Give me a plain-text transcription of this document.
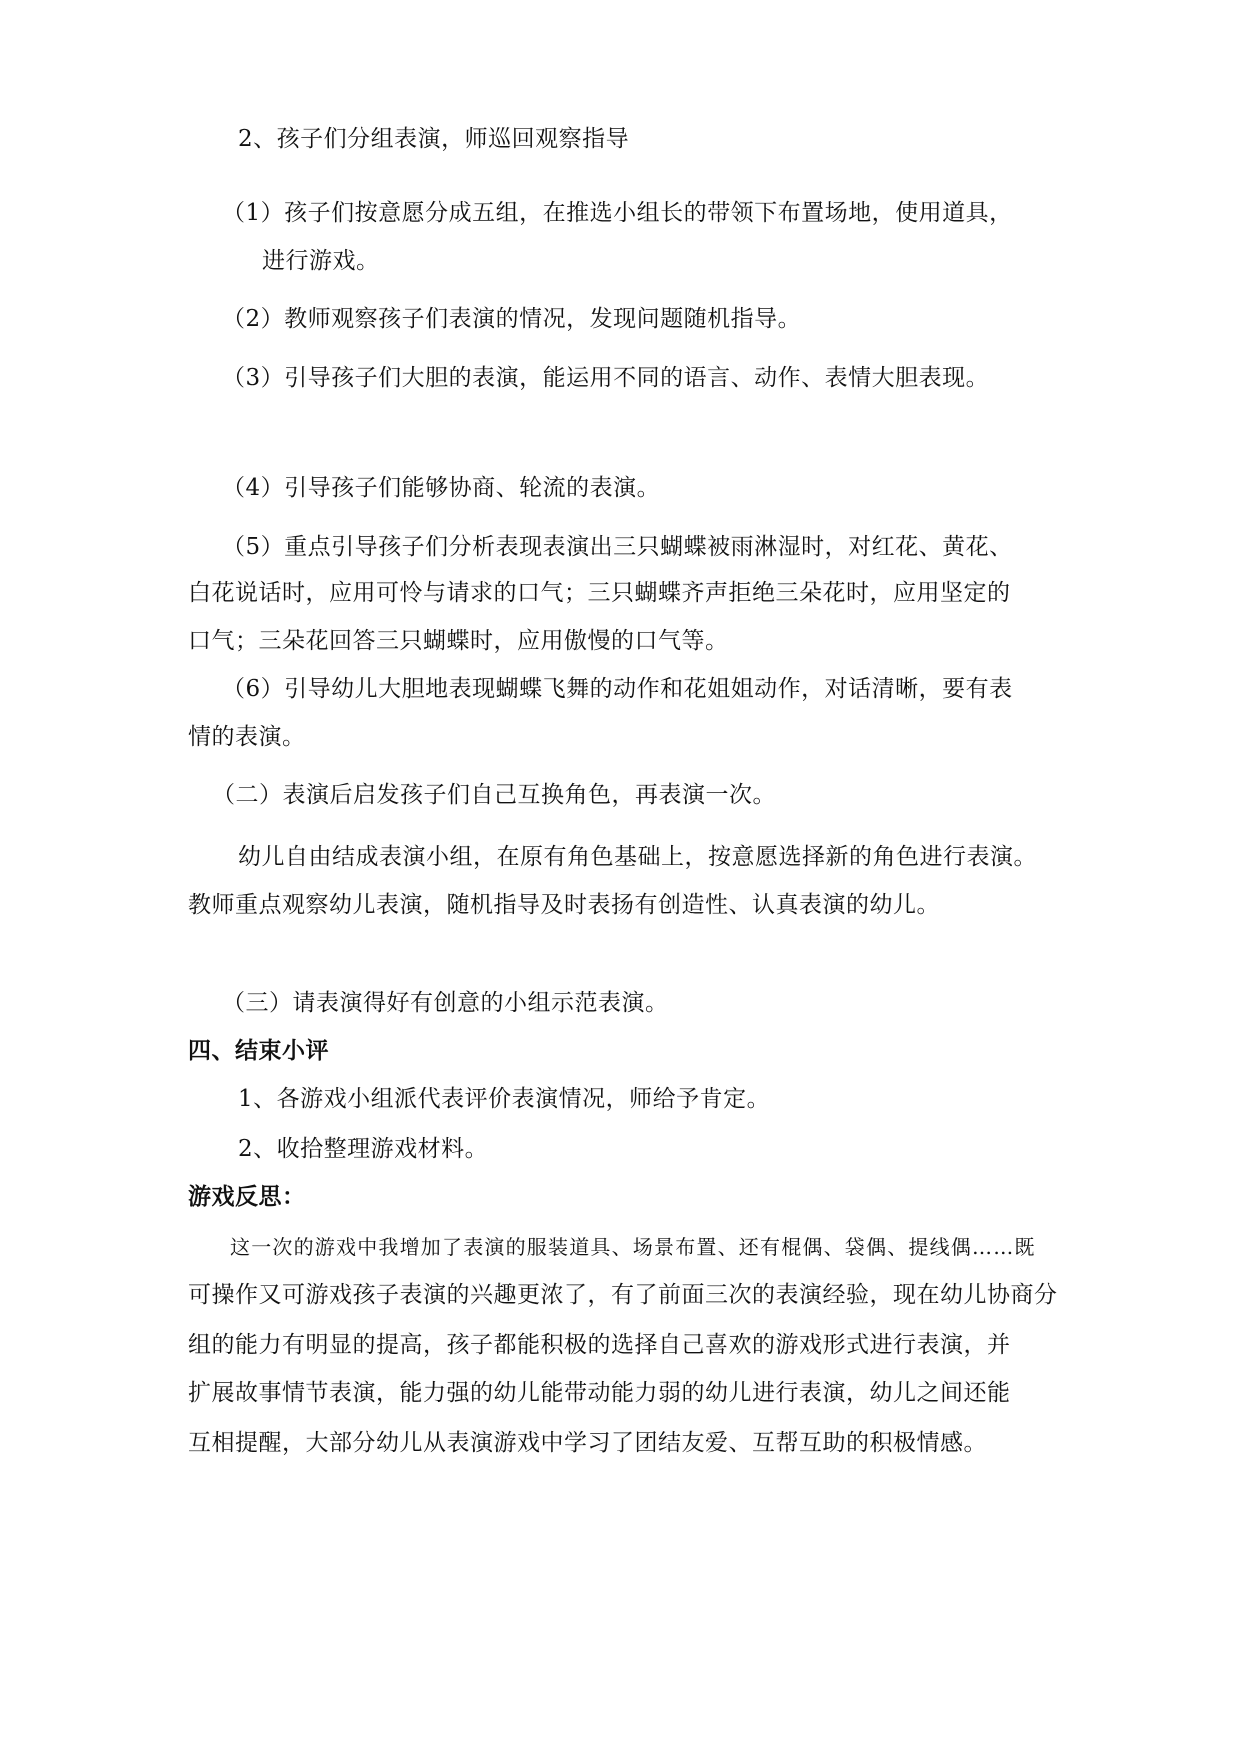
2、孩子们分组表演，师巡回观察指导
（1）孩子们按意愿分成五组，在推选小组长的带领下布置场地，使用道具，
进行游戏。
（2）教师观察孩子们表演的情况，发现问题随机指导。
（3）引导孩子们大胆的表演，能运用不同的语言、动作、表情大胆表现。
（4）引导孩子们能够协商、轮流的表演。
（5）重点引导孩子们分析表现表演出三只蝴蝶被雨淋湿时，对红花、黄花、
白花说话时，应用可怜与请求的口气；三只蝴蝶齐声拒绝三朵花时，应用坚定的
口气；三朵花回答三只蝴蝶时，应用傲慢的口气等。
（6）引导幼儿大胆地表现蝴蝶飞舞的动作和花姐姐动作，对话清晰，要有表
情的表演。
（二）表演后启发孩子们自己互换角色，再表演一次。
幼儿自由结成表演小组，在原有角色基础上，按意愿选择新的角色进行表演。
教师重点观察幼儿表演，随机指导及时表扬有创造性、认真表演的幼儿。
（三）请表演得好有创意的小组示范表演。
四、结束小评
1、各游戏小组派代表评价表演情况，师给予肯定。
2、收拾整理游戏材料。
游戏反思：
这一次的游戏中我增加了表演的服装道具、场景布置、还有棍偶、袋偶、提线偶……既
可操作又可游戏孩子表演的兴趣更浓了，有了前面三次的表演经验，现在幼儿协商分
组的能力有明显的提高，孩子都能积极的选择自己喜欢的游戏形式进行表演，并
扩展故事情节表演，能力强的幼儿能带动能力弱的幼儿进行表演，幼儿之间还能
互相提醒，大部分幼儿从表演游戏中学习了团结友爱、互帮互助的积极情感。
